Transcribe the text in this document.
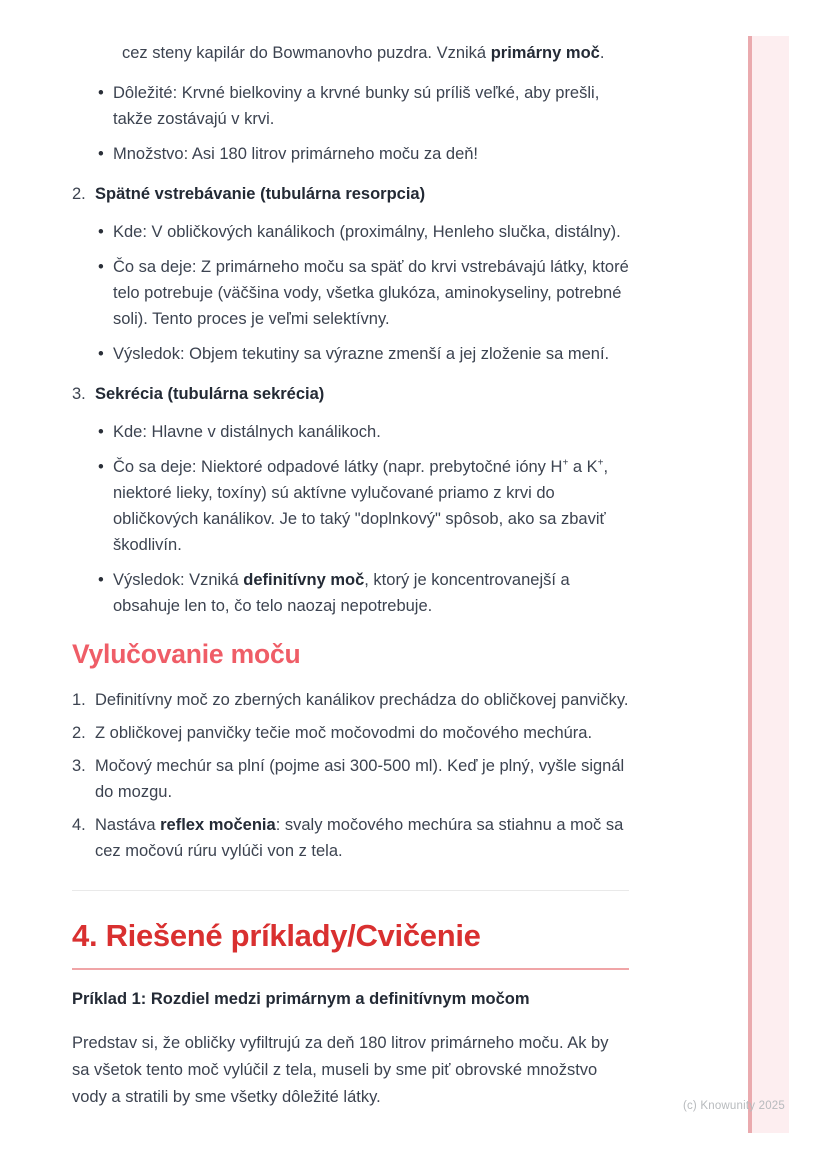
cez steny kapilár do Bowmanovho puzdra. Vzniká primárny moč.

• Dôležité: Krvné bielkoviny a krvné bunky sú príliš veľké, aby prešli, takže zostávajú v krvi.
• Množstvo: Asi 180 litrov primárneho moču za deň!
2. Spätné vstrebávanie (tubulárna resorpcia)
• Kde: V obličkových kanálikoch (proximálny, Henleho slučka, distálny).
• Čo sa deje: Z primárneho moču sa späť do krvi vstrebávajú látky, ktoré telo potrebuje (väčšina vody, všetka glukóza, aminokyseliny, potrebné soli). Tento proces je veľmi selektívny.
• Výsledok: Objem tekutiny sa výrazne zmenší a jej zloženie sa mení.
3. Sekrécia (tubulárna sekrécia)
• Kde: Hlavne v distálnych kanálikoch.
• Čo sa deje: Niektoré odpadové látky (napr. prebytočné ióny H+ a K+, niektoré lieky, toxíny) sú aktívne vylučované priamo z krvi do obličkových kanálikov. Je to taký "doplnkový" spôsob, ako sa zbaviť škodlivín.
• Výsledok: Vzniká definitívny moč, ktorý je koncentrovanejší a obsahuje len to, čo telo naozaj nepotrebuje.
Vylučovanie moču
1. Definitívny moč zo zberných kanálikov prechádza do obličkovej panvičky.
2. Z obličkovej panvičky tečie moč močovodmi do močového mechúra.
3. Močový mechúr sa plní (pojme asi 300-500 ml). Keď je plný, vyšle signál do mozgu.
4. Nastáva reflex močenia: svaly močového mechúra sa stiahnu a moč sa cez močovú rúru vylúči von z tela.
4. Riešené príklady/Cvičenie

Príklad 1: Rozdiel medzi primárnym a definitívnym močom

Predstav si, že obličky vyfiltrujú za deň 180 litrov primárneho moču. Ak by sa všetok tento moč vylúčil z tela, museli by sme piť obrovské množstvo vody a stratili by sme všetky dôležité látky.	(c) Knowunity 2025
